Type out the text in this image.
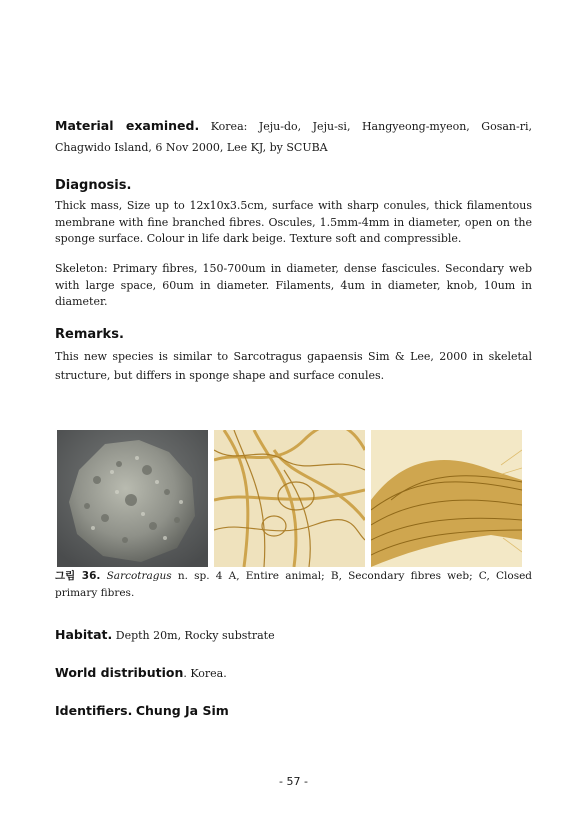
Material examined. Korea: Jeju-do, Jeju-si, Hangyeong-myeon, Gosan-ri,
Chagwido Island, 6 Nov 2000, Lee KJ, by SCUBA
Diagnosis.
Thick mass, Size up to 12x10x3.5cm, surface with sharp conules, thick filamentous membrane with fine branched fibres. Oscules, 1.5mm-4mm in diameter, open on the sponge surface. Colour in life dark beige. Texture soft and compressible.
Skeleton: Primary fibres, 150-700um in diameter, dense fascicules. Secondary web with large space, 60um in diameter. Filaments, 4um in diameter, knob, 10um in diameter.
Remarks.
This new species is similar to Sarcotragus gapaensis Sim & Lee, 2000 in skeletal structure, but differs in sponge shape and surface conules.
그림 36. Sarcotragus n. sp. 4 A, Entire animal; B, Secondary fibres web; C, Closed primary fibres.
Habitat. Depth 20m, Rocky substrate
World distribution. Korea.
Identifiers. Chung Ja Sim
- 57 -
